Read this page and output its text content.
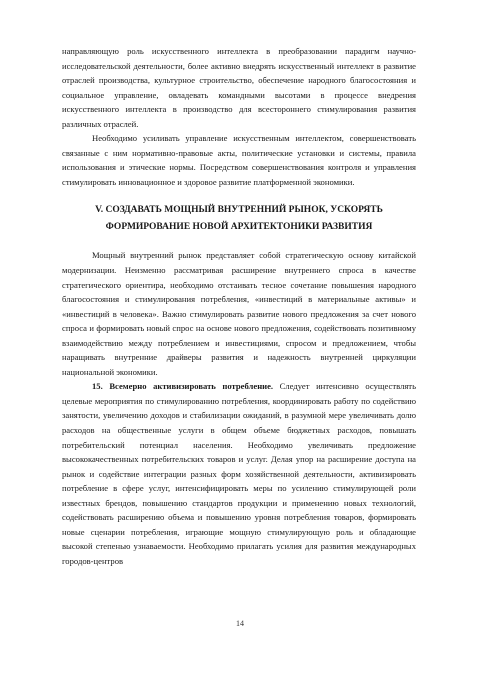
направляющую роль искусственного интеллекта в преобразовании парадигм научно-исследовательской деятельности, более активно внедрять искусственный интеллект в развитие отраслей производства, культурное строительство, обеспечение народного благосостояния и социальное управление, овладевать командными высотами в процессе внедрения искусственного интеллекта в производство для всестороннего стимулирования развития различных отраслей.

Необходимо усиливать управление искусственным интеллектом, совершенствовать связанные с ним нормативно-правовые акты, политические установки и системы, правила использования и этические нормы. Посредством совершенствования контроля и управления стимулировать инновационное и здоровое развитие платформенной экономики.

V. СОЗДАВАТЬ МОЩНЫЙ ВНУТРЕННИЙ РЫНОК, УСКОРЯТЬ
ФОРМИРОВАНИЕ НОВОЙ АРХИТЕКТОНИКИ РАЗВИТИЯ

Мощный внутренний рынок представляет собой стратегическую основу китайской модернизации. Неизменно рассматривая расширение внутреннего спроса в качестве стратегического ориентира, необходимо отстаивать тесное сочетание повышения народного благосостояния и стимулирования потребления, «инвестиций в материальные активы» и «инвестиций в человека». Важно стимулировать развитие нового предложения за счет нового спроса и формировать новый спрос на основе нового предложения, содействовать позитивному взаимодействию между потреблением и инвестициями, спросом и предложением, чтобы наращивать внутренние драйверы развития и надежность внутренней циркуляции национальной экономики.

15. Всемерно активизировать потребление. Следует интенсивно осуществлять целевые мероприятия по стимулированию потребления, координировать работу по содействию занятости, увеличению доходов и стабилизации ожиданий, в разумной мере увеличивать долю расходов на общественные услуги в общем объеме бюджетных расходов, повышать потребительский потенциал населения. Необходимо увеличивать предложение высококачественных потребительских товаров и услуг. Делая упор на расширение доступа на рынок и содействие интеграции разных форм хозяйственной деятельности, активизировать потребление в сфере услуг, интенсифицировать меры по усилению стимулирующей роли известных брендов, повышению стандартов продукции и применению новых технологий, содействовать расширению объема и повышению уровня потребления товаров, формировать новые сценарии потребления, играющие мощную стимулирующую роль и обладающие высокой степенью узнаваемости. Необходимо прилагать усилия для развития международных городов-центров

14
